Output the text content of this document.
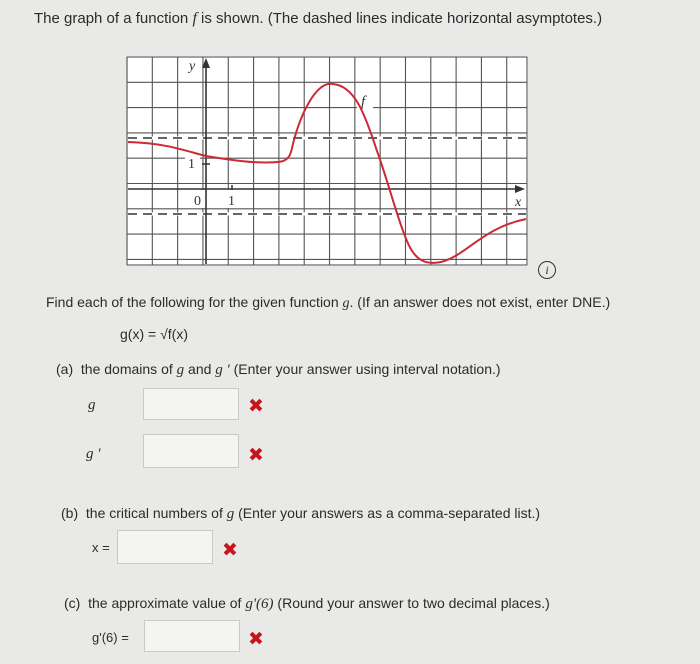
The graph of a function f is shown. (The dashed lines indicate horizontal asymptotes.)
y
x
f
1
0 1
i
Find each of the following for the given function g. (If an answer does not exist, enter DNE.)
g(x) = √f(x)
(a) the domains of g and g ' (Enter your answer using interval notation.)
g	✖
g '	✖
(b) the critical numbers of g (Enter your answers as a comma-separated list.)
x =	✖
(c) the approximate value of g'(6) (Round your answer to two decimal places.)
g'(6) =	✖
